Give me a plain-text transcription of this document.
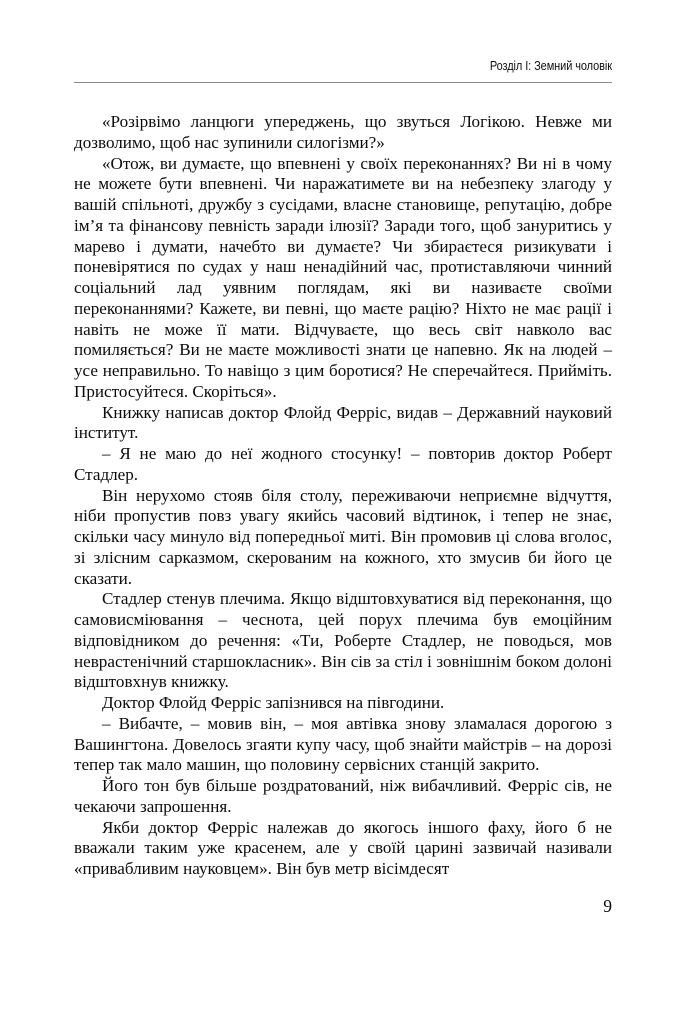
Розділ I: Земний чоловік

«Розірвімо ланцюги упереджень, що звуться Логікою. Невже ми дозволимо, щоб нас зупинили силогізми?»

«Отож, ви думаєте, що впевнені у своїх переконаннях? Ви ні в чому не можете бути впевнені. Чи наражатимете ви на небезпеку злагоду у вашій спільноті, дружбу з сусідами, власне становище, репутацію, добре ім’я та фінансову певність заради ілюзії? Заради того, щоб зануритись у марево і думати, начебто ви думаєте? Чи збираєтеся ризикувати і поневірятися по судах у наш ненадійний час, протиставляючи чинний соціальний лад уявним поглядам, які ви називаєте своїми переконаннями? Кажете, ви певні, що маєте рацію? Ніхто не має рації і навіть не може її мати. Відчуваєте, що весь світ навколо вас помиляється? Ви не маєте можливості знати це напевно. Як на людей – усе неправильно. То навіщо з цим боротися? Не сперечайтеся. Прийміть. Пристосуйтеся. Скоріться».

Книжку написав доктор Флойд Ферріс, видав – Державний науковий інститут.

– Я не маю до неї жодного стосунку! – повторив доктор Роберт Стадлер.

Він нерухомо стояв біля столу, переживаючи неприємне відчуття, ніби пропустив повз увагу якийсь часовий відтинок, і тепер не знає, скільки часу минуло від попередньої миті. Він промовив ці слова вголос, зі злісним сарказмом, скерованим на кожного, хто змусив би його це сказати.

Стадлер стенув плечима. Якщо відштовхуватися від переконання, що самовисміювання – чеснота, цей порух плечима був емоційним відповідником до речення: «Ти, Роберте Стадлер, не поводься, мов неврастенічний старшокласник». Він сів за стіл і зовнішнім боком долоні відштовхнув книжку.

Доктор Флойд Ферріс запізнився на півгодини.

– Вибачте, – мовив він, – моя автівка знову зламалася дорогою з Вашингтона. Довелось згаяти купу часу, щоб знайти майстрів – на дорозі тепер так мало машин, що половину сервісних станцій закрито.

Його тон був більше роздратований, ніж вибачливий. Ферріс сів, не чекаючи запрошення.

Якби доктор Ферріс належав до якогось іншого фаху, його б не вважали таким уже красенем, але у своїй царині зазвичай називали «привабливим науковцем». Він був метр вісімдесят

9
